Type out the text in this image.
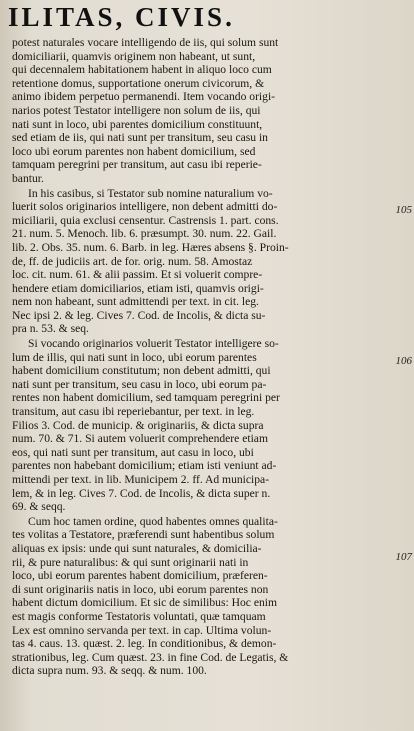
ILITAS, CIVIS.
105
106
107

potest naturales vocare intelligendo de iis, qui solum sunt
domiciliarii, quamvis originem non habeant, ut sunt,
qui decennalem habitationem habent in aliquo loco cum
retentione domus, supportatione onerum civicorum, &
animo ibidem perpetuo permanendi. Item vocando origi-
narios potest Testator intelligere non solum de iis, qui
nati sunt in loco, ubi parentes domicilium constituunt,
sed etiam de iis, qui nati sunt per transitum, seu casu in
loco ubi eorum parentes non habent domicilium, sed
tamquam peregrini per transitum, aut casu ibi reperie-
bantur.

In his casibus, si Testator sub nomine naturalium vo-
luerit solos originarios intelligere, non debent admitti do-
miciliarii, quia exclusi censentur. Castrensis 1. part. cons.
21. num. 5. Menoch. lib. 6. præsumpt. 30. num. 22. Gail.
lib. 2. Obs. 35. num. 6. Barb. in leg. Hæres absens §. Proin-
de, ff. de judiciis art. de for. orig. num. 58. Amostaz
loc. cit. num. 61. & alii passim. Et si voluerit compre-
hendere etiam domiciliarios, etiam isti, quamvis origi-
nem non habeant, sunt admittendi per text. in cit. leg.
Nec ipsi 2. & leg. Cives 7. Cod. de Incolis, & dicta su-
pra n. 53. & seq.

Si vocando originarios voluerit Testator intelligere so-
lum de illis, qui nati sunt in loco, ubi eorum parentes
habent domicilium constitutum; non debent admitti, qui
nati sunt per transitum, seu casu in loco, ubi eorum pa-
rentes non habent domicilium, sed tamquam peregrini per
transitum, aut casu ibi reperiebantur, per text. in leg.
Filios 3. Cod. de municip. & originariis, & dicta supra
num. 70. & 71. Si autem voluerit comprehendere etiam
eos, qui nati sunt per transitum, aut casu in loco, ubi
parentes non habebant domicilium; etiam isti veniunt ad-
mittendi per text. in lib. Municipem 2. ff. Ad municipa-
lem, & in leg. Cives 7. Cod. de Incolis, & dicta super n.
69. & seqq.

Cum hoc tamen ordine, quod habentes omnes qualita-
tes volitas a Testatore, præferendi sunt habentibus solum
aliquas ex ipsis: unde qui sunt naturales, & domicilia-
rii, & pure naturalibus: & qui sunt originarii nati in
loco, ubi eorum parentes habent domicilium, præferen-
di sunt originariis natis in loco, ubi eorum parentes non
habent dictum domicilium. Et sic de similibus: Hoc enim
est magis conforme Testatoris voluntati, quæ tamquam
Lex est omnino servanda per text. in cap. Ultima volun-
tas 4. caus. 13. quæst. 2. leg. In conditionibus, & demon-
strationibus, leg. Cum quæst. 23. in fine Cod. de Legatis, &
dicta supra num. 93. & seqq. & num. 100.
